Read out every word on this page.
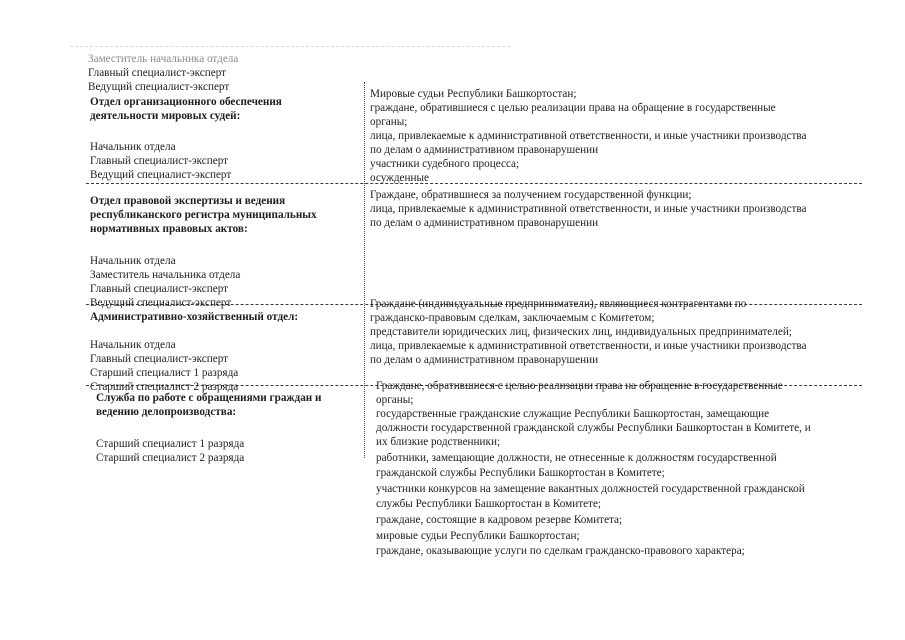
Заместитель начальника отдела
Главный специалист-эксперт
Ведущий специалист-эксперт
Отдел организационного обеспечения
деятельности мировых судей:
Начальник отдела
Главный специалист-эксперт
Ведущий специалист-эксперт
Мировые судьи Республики Башкортостан;
граждане, обратившиеся с целью реализации права на обращение в государственные
органы;
лица, привлекаемые к административной ответственности, и иные участники производства
по делам о административном правонарушении
участники судебного процесса;
осужденные
Отдел правовой экспертизы и ведения
республиканского регистра муниципальных
нормативных правовых актов:
Начальник отдела
Заместитель начальника отдела
Главный специалист-эксперт
Ведущий специалист-эксперт
Граждане, обратившиеся за получением государственной функции;
лица, привлекаемые к административной ответственности, и иные участники производства
по делам о административном правонарушении
Административно-хозяйственный отдел:
Начальник отдела
Главный специалист-эксперт
Старший специалист 1 разряда
Старший специалист 2 разряда
Граждане (индивидуальные предприниматели), являющиеся контрагентами по
гражданско-правовым сделкам, заключаемым с Комитетом;
представители юридических лиц, физических лиц, индивидуальных предпринимателей;
лица, привлекаемые к административной ответственности, и иные участники производства
по делам о административном правонарушении
Служба по работе с обращениями граждан и
ведению делопроизводства:
Старший специалист 1 разряда
Старший специалист 2 разряда
Граждане, обратившиеся с целью реализации права на обращение в государственные
органы;
государственные гражданские служащие Республики Башкортостан, замещающие
должности государственной гражданской службы Республики Башкортостан в Комитете, и
их близкие родственники;
работники, замещающие должности, не отнесенные к должностям государственной
гражданской службы Республики Башкортостан в Комитете;
участники конкурсов на замещение вакантных должностей государственной гражданской
службы Республики Башкортостан в Комитете;
граждане, состоящие в кадровом резерве Комитета;
мировые судьи Республики Башкортостан;
граждане, оказывающие услуги по сделкам гражданско-правового характера;
